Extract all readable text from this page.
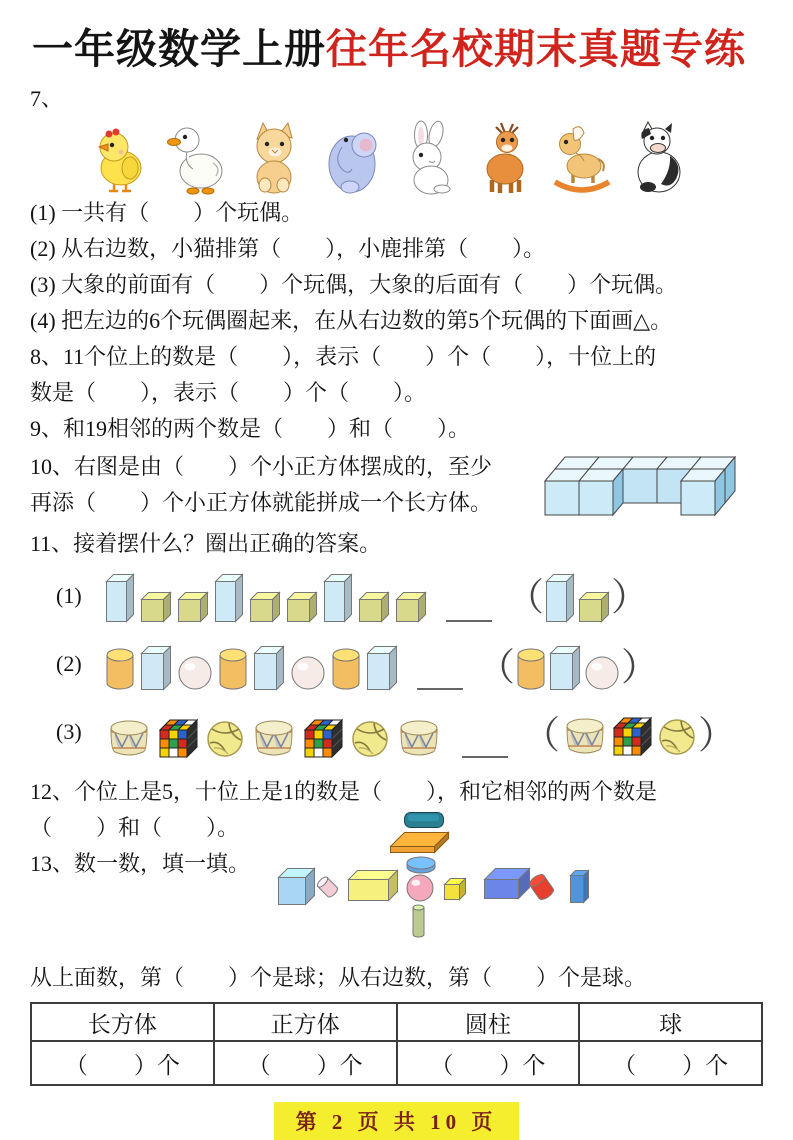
一年级数学上册往年名校期末真题专练
7、
(1) 一共有（　　）个玩偶。
(2) 从右边数，小猫排第（　　），小鹿排第（　　）。
(3) 大象的前面有（　　）个玩偶，大象的后面有（　　）个玩偶。
(4) 把左边的6个玩偶圈起来，在从右边数的第5个玩偶的下面画△。
8、11个位上的数是（　　），表示（　　）个（　　），十位上的
数是（　　），表示（　　）个（　　）。
9、和19相邻的两个数是（　　）和（　　）。
10、右图是由（　　）个小正方体摆成的，至少
再添（　　）个小正方体就能拼成一个长方体。
11、接着摆什么？圈出正确的答案。
(1)	（ ）
(2)	（	）
(3)	（	）
12、个位上是5，十位上是1的数是（　　），和它相邻的两个数是
（　　）和（　　）。
13、数一数，填一填。
从上面数，第（　　）个是球；从右边数，第（　　）个是球。
长方体	正方体	圆柱	球
（　　）个	（　　）个	（　　）个	（　　）个
第 2 页 共 10 页
